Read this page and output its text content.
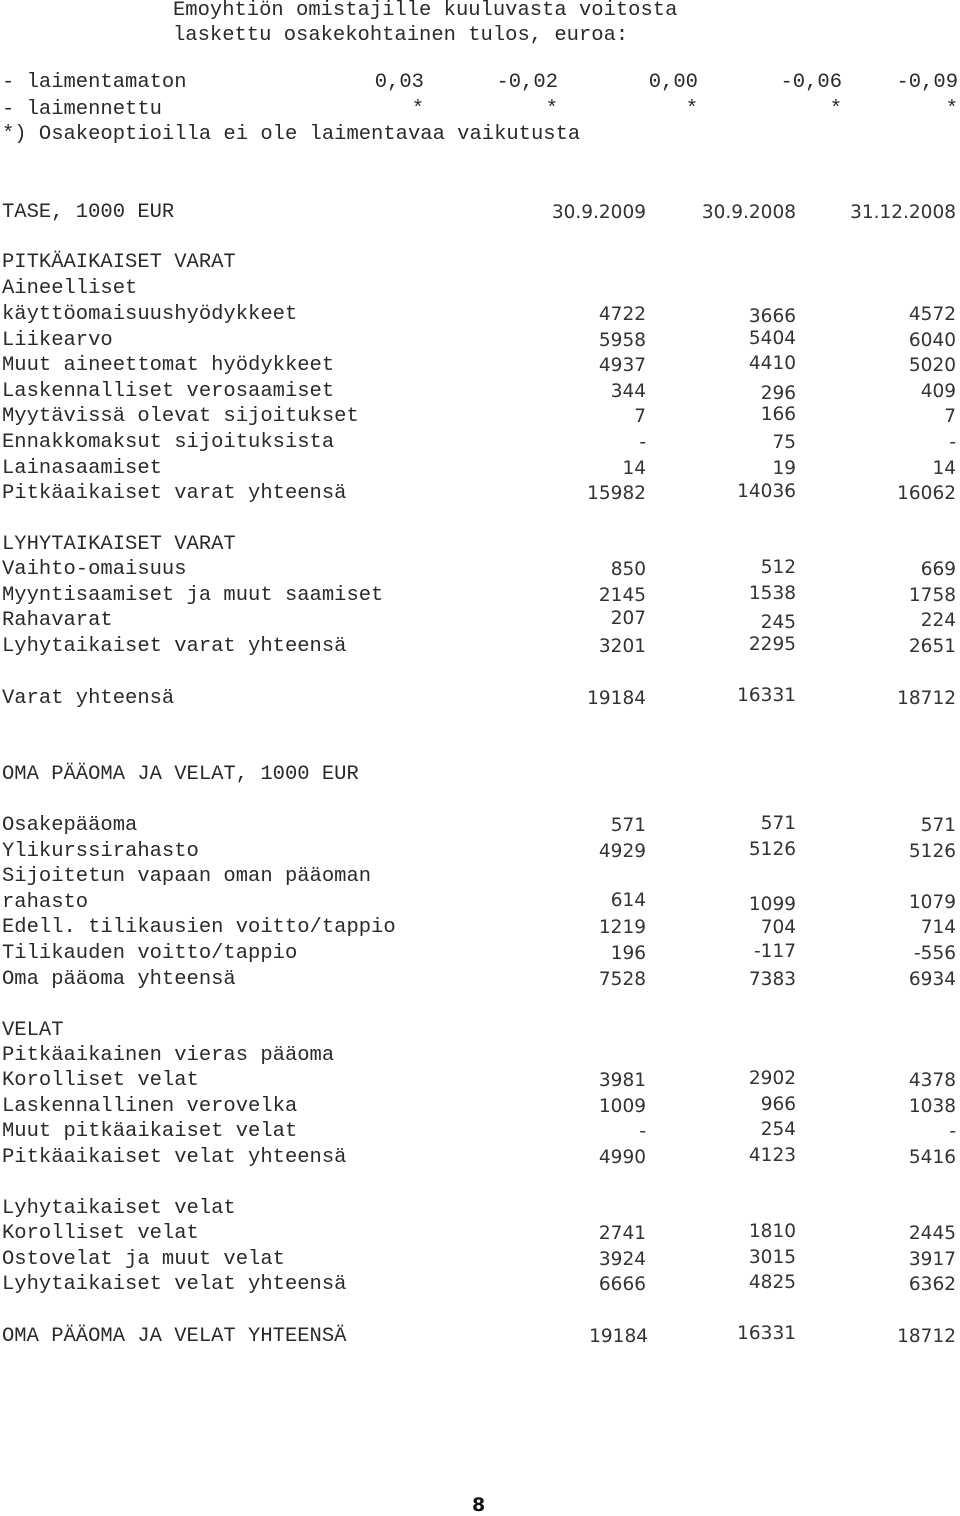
Emoyhtiön omistajille kuuluvasta voitosta
laskettu osakekohtainen tulos, euroa:
- laimentamaton	0,03	-0,02	0,00	-0,06	-0,09
- laimennettu	*	*	*	*	*
*) Osakeoptioilla ei ole laimentavaa vaikutusta
TASE, 1000 EUR	30.9.2009	30.9.2008	31.12.2008
PITKÄAIKAISET VARAT
Aineelliset
käyttöomaisuushyödykkeet	4722	3666	4572
Liikearvo	5958	5404	6040
Muut aineettomat hyödykkeet	4937	4410	5020
Laskennalliset verosaamiset	344	296	409
Myytävissä olevat sijoitukset	7	166	7
Ennakkomaksut sijoituksista	-	75	-
Lainasaamiset	14	19	14
Pitkäaikaiset varat yhteensä	15982	14036	16062
LYHYTAIKAISET VARAT
Vaihto-omaisuus	850	512	669
Myyntisaamiset ja muut saamiset	2145	1538	1758
Rahavarat	207	245	224
Lyhytaikaiset varat yhteensä	3201	2295	2651
Varat yhteensä	19184	16331	18712
OMA PÄÄOMA JA VELAT, 1000 EUR
Osakepääoma	571	571	571
Ylikurssirahasto	4929	5126	5126
Sijoitetun vapaan oman pääoman
rahasto	614	1099	1079
Edell. tilikausien voitto/tappio	1219	704	714
Tilikauden voitto/tappio	196	-117	-556
Oma pääoma yhteensä	7528	7383	6934
VELAT
Pitkäaikainen vieras pääoma
Korolliset velat	3981	2902	4378
Laskennallinen verovelka	1009	966	1038
Muut pitkäaikaiset velat	-	254	-
Pitkäaikaiset velat yhteensä	4990	4123	5416
Lyhytaikaiset velat
Korolliset velat	2741	1810	2445
Ostovelat ja muut velat	3924	3015	3917
Lyhytaikaiset velat yhteensä	6666	4825	6362
OMA PÄÄOMA JA VELAT YHTEENSÄ	19184	16331	18712
8
